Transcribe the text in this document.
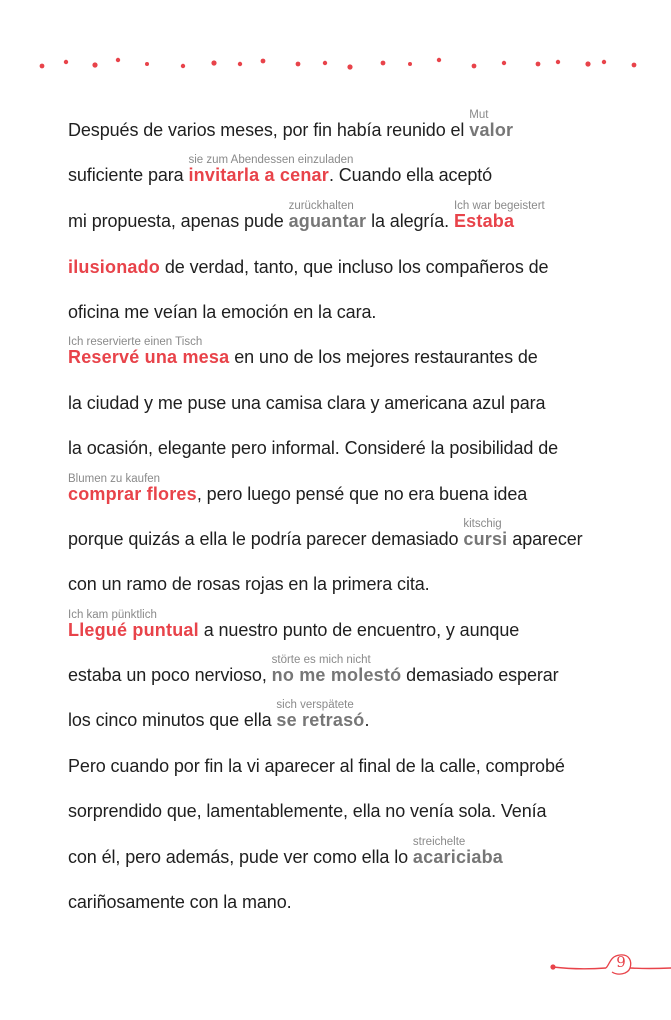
Después de varios meses, por fin había reunido el valor
Mut
suficiente para invitarla a cenar
sie zum Abendessen einzuladen
. Cuando ella aceptó
mi propuesta, apenas pude aguantar
zurückhalten
la alegría. Estaba
Ich war begeistert
ilusionado de verdad, tanto, que incluso los compañeros de
oficina me veían la emoción en la cara.
Reservé una mesa
Ich reservierte einen Tisch
en uno de los mejores restaurantes de
la ciudad y me puse una camisa clara y americana azul para
la ocasión, elegante pero informal. Consideré la posibilidad de
comprar flores
Blumen zu kaufen
, pero luego pensé que no era buena idea
porque quizás a ella le podría parecer demasiado cursi
kitschig
aparecer
con un ramo de rosas rojas en la primera cita.
Llegué puntual
Ich kam pünktlich
a nuestro punto de encuentro, y aunque
estaba un poco nervioso, no me molestó
störte es mich nicht
demasiado esperar
los cinco minutos que ella se retrasó
sich verspätete
.
Pero cuando por fin la vi aparecer al final de la calle, comprobé
sorprendido que, lamentablemente, ella no venía sola. Venía
con él, pero además, pude ver como ella lo acariciaba
streichelte
cariñosamente con la mano.
9
